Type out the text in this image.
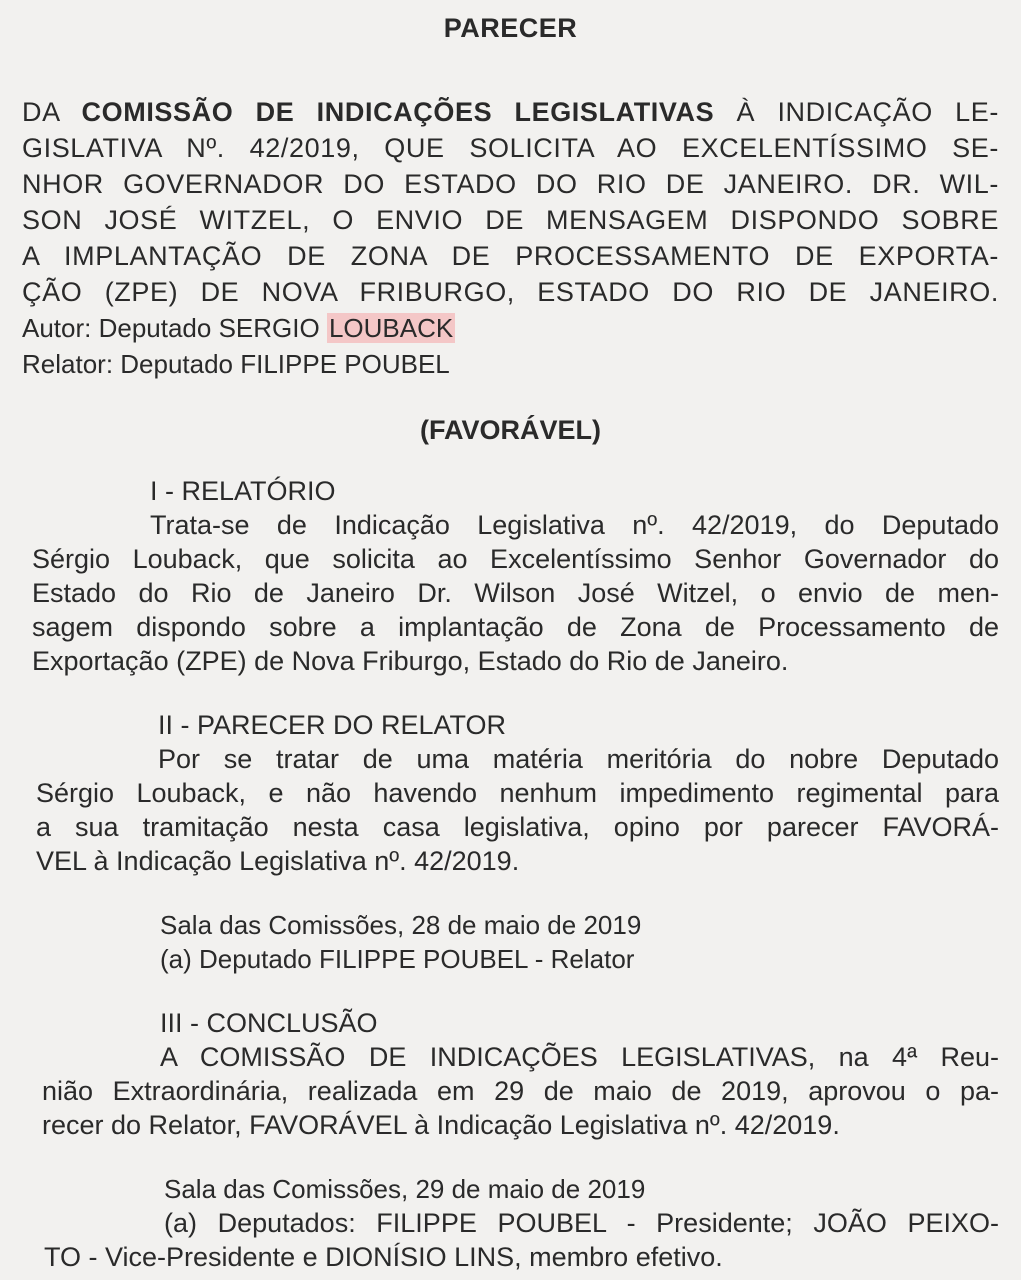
PARECER
DA COMISSÃO DE INDICAÇÕES LEGISLATIVAS À INDICAÇÃO LE-
GISLATIVA Nº. 42/2019, QUE SOLICITA AO EXCELENTÍSSIMO SE-
NHOR GOVERNADOR DO ESTADO DO RIO DE JANEIRO. DR. WIL-
SON JOSÉ WITZEL, O ENVIO DE MENSAGEM DISPONDO SOBRE
A IMPLANTAÇÃO DE ZONA DE PROCESSAMENTO DE EXPORTA-
ÇÃO (ZPE) DE NOVA FRIBURGO, ESTADO DO RIO DE JANEIRO.
Autor: Deputado SERGIO LOUBACK
Relator: Deputado FILIPPE POUBEL
(FAVORÁVEL)
I - RELATÓRIO
Trata-se de Indicação Legislativa nº. 42/2019, do Deputado
Sérgio Louback, que solicita ao Excelentíssimo Senhor Governador do
Estado do Rio de Janeiro Dr. Wilson José Witzel, o envio de men-
sagem dispondo sobre a implantação de Zona de Processamento de
Exportação (ZPE) de Nova Friburgo, Estado do Rio de Janeiro.
II - PARECER DO RELATOR
Por se tratar de uma matéria meritória do nobre Deputado
Sérgio Louback, e não havendo nenhum impedimento regimental para
a sua tramitação nesta casa legislativa, opino por parecer FAVORÁ-
VEL à Indicação Legislativa nº. 42/2019.
Sala das Comissões, 28 de maio de 2019
(a) Deputado FILIPPE POUBEL - Relator
III - CONCLUSÃO
A COMISSÃO DE INDICAÇÕES LEGISLATIVAS, na 4ª Reu-
nião Extraordinária, realizada em 29 de maio de 2019, aprovou o pa-
recer do Relator, FAVORÁVEL à Indicação Legislativa nº. 42/2019.
Sala das Comissões, 29 de maio de 2019
(a) Deputados: FILIPPE POUBEL - Presidente; JOÃO PEIXO-
TO - Vice-Presidente e DIONÍSIO LINS, membro efetivo.
